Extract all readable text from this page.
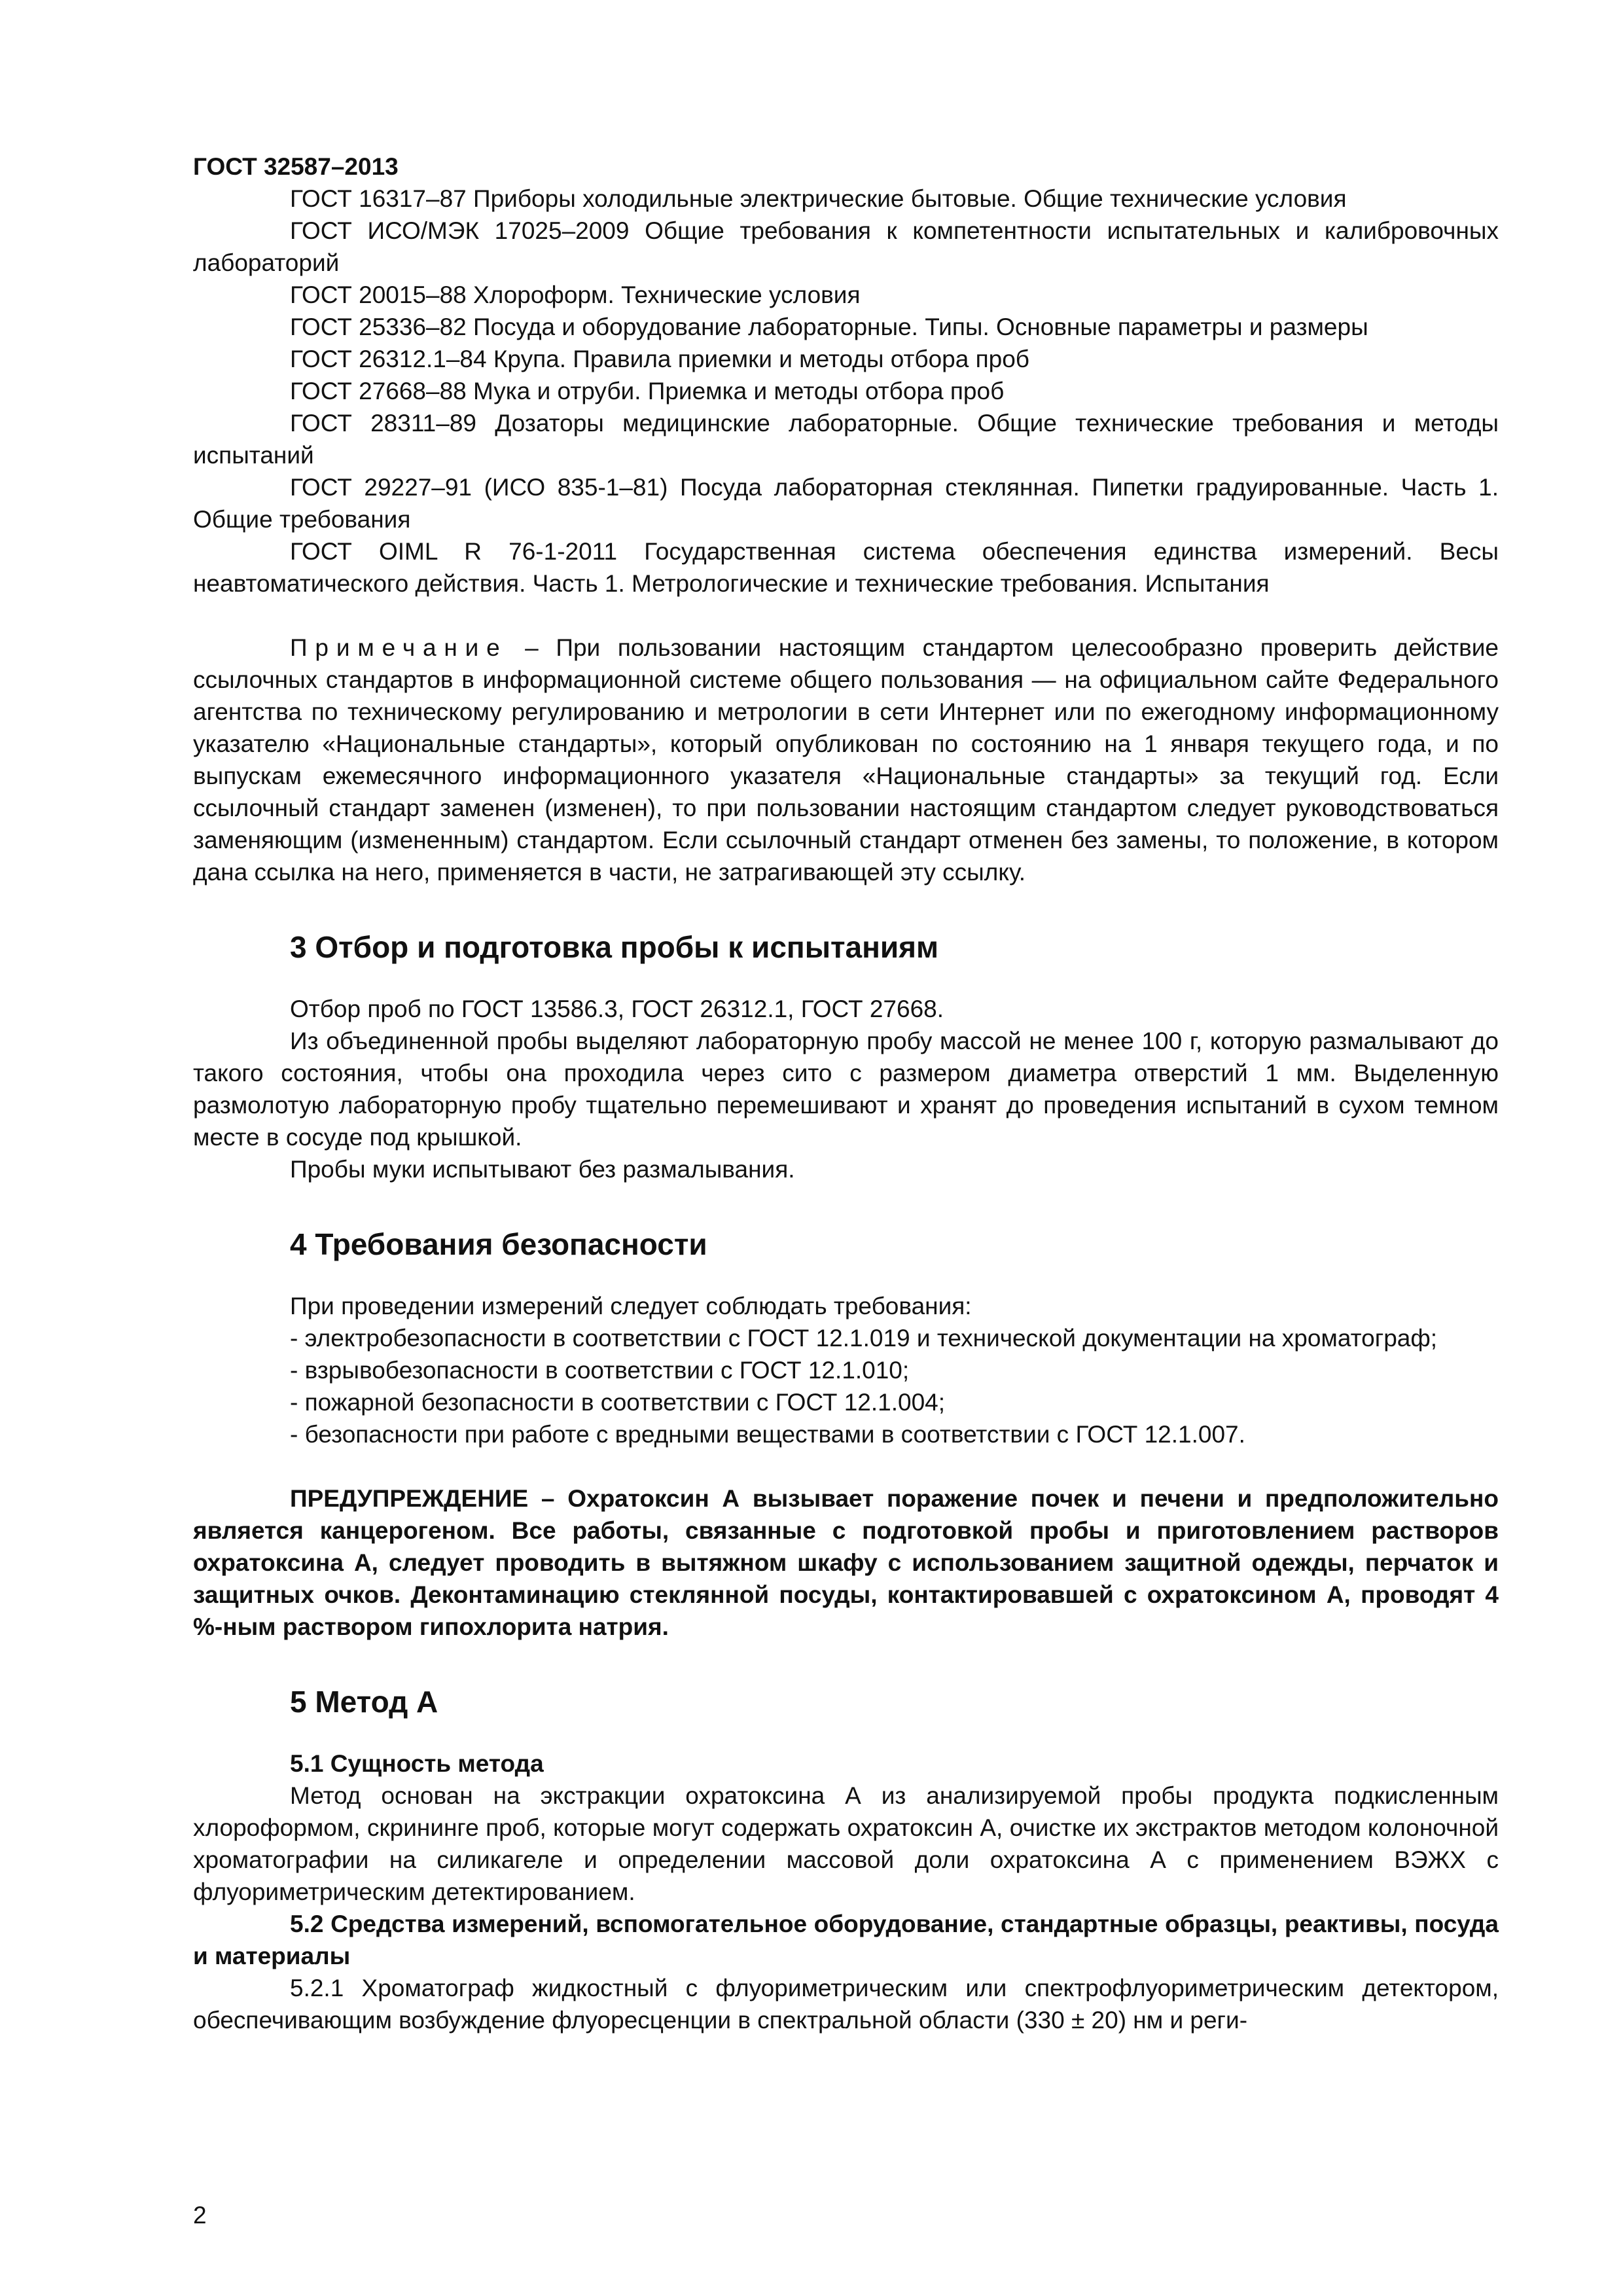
ГОСТ 32587–2013

ГОСТ 16317–87 Приборы холодильные электрические бытовые. Общие технические условия

ГОСТ ИСО/МЭК 17025–2009 Общие требования к компетентности испытательных и калибровочных лабораторий

ГОСТ 20015–88 Хлороформ. Технические условия

ГОСТ 25336–82 Посуда и оборудование лабораторные. Типы. Основные параметры и размеры

ГОСТ 26312.1–84 Крупа. Правила приемки и методы отбора проб

ГОСТ 27668–88 Мука и отруби. Приемка и методы отбора проб

ГОСТ 28311–89 Дозаторы медицинские лабораторные. Общие технические требования и методы испытаний

ГОСТ 29227–91 (ИСО 835-1–81) Посуда лабораторная стеклянная. Пипетки градуированные. Часть 1. Общие требования

ГОСТ OIML R 76-1-2011 Государственная система обеспечения единства измерений. Весы неавтоматического действия. Часть 1. Метрологические и технические требования. Испытания

Примечание – При пользовании настоящим стандартом целесообразно проверить действие ссылочных стандартов в информационной системе общего пользования — на официальном сайте Федерального агентства по техническому регулированию и метрологии в сети Интернет или по ежегодному информационному указателю «Национальные стандарты», который опубликован по состоянию на 1 января текущего года, и по выпускам ежемесячного информационного указателя «Национальные стандарты» за текущий год. Если ссылочный стандарт заменен (изменен), то при пользовании настоящим стандартом следует руководствоваться заменяющим (измененным) стандартом. Если ссылочный стандарт отменен без замены, то положение, в котором дана ссылка на него, применяется в части, не затрагивающей эту ссылку.

3 Отбор и подготовка пробы к испытаниям

Отбор проб по ГОСТ 13586.3, ГОСТ 26312.1, ГОСТ 27668.

Из объединенной пробы выделяют лабораторную пробу массой не менее 100 г, которую размалывают до такого состояния, чтобы она проходила через сито с размером диаметра отверстий 1 мм. Выделенную размолотую лабораторную пробу тщательно перемешивают и хранят до проведения испытаний в сухом темном месте в сосуде под крышкой.

Пробы муки испытывают без размалывания.

4 Требования безопасности

При проведении измерений следует соблюдать требования:

- электробезопасности в соответствии с ГОСТ 12.1.019 и технической документации на хроматограф;

- взрывобезопасности в соответствии с ГОСТ 12.1.010;

- пожарной безопасности в соответствии с ГОСТ 12.1.004;

- безопасности при работе с вредными веществами в соответствии с ГОСТ 12.1.007.

ПРЕДУПРЕЖДЕНИЕ – Охратоксин А вызывает поражение почек и печени и предположительно является канцерогеном. Все работы, связанные с подготовкой пробы и приготовлением растворов охратоксина А, следует проводить в вытяжном шкафу с использованием защитной одежды, перчаток и защитных очков. Деконтаминацию стеклянной посуды, контактировавшей с охратоксином А, проводят 4 %-ным раствором гипохлорита натрия.

5 Метод А

5.1 Сущность метода

Метод основан на экстракции охратоксина А из анализируемой пробы продукта подкисленным хлороформом, скрининге проб, которые могут содержать охратоксин А, очистке их экстрактов методом колоночной хроматографии на силикагеле и определении массовой доли охратоксина А с применением ВЭЖХ с флуориметрическим детектированием.

5.2 Средства измерений, вспомогательное оборудование, стандартные образцы, реактивы, посуда и материалы

5.2.1 Хроматограф жидкостный с флуориметрическим или спектрофлуориметрическим детектором, обеспечивающим возбуждение флуоресценции в спектральной области (330 ± 20) нм и реги-

2
